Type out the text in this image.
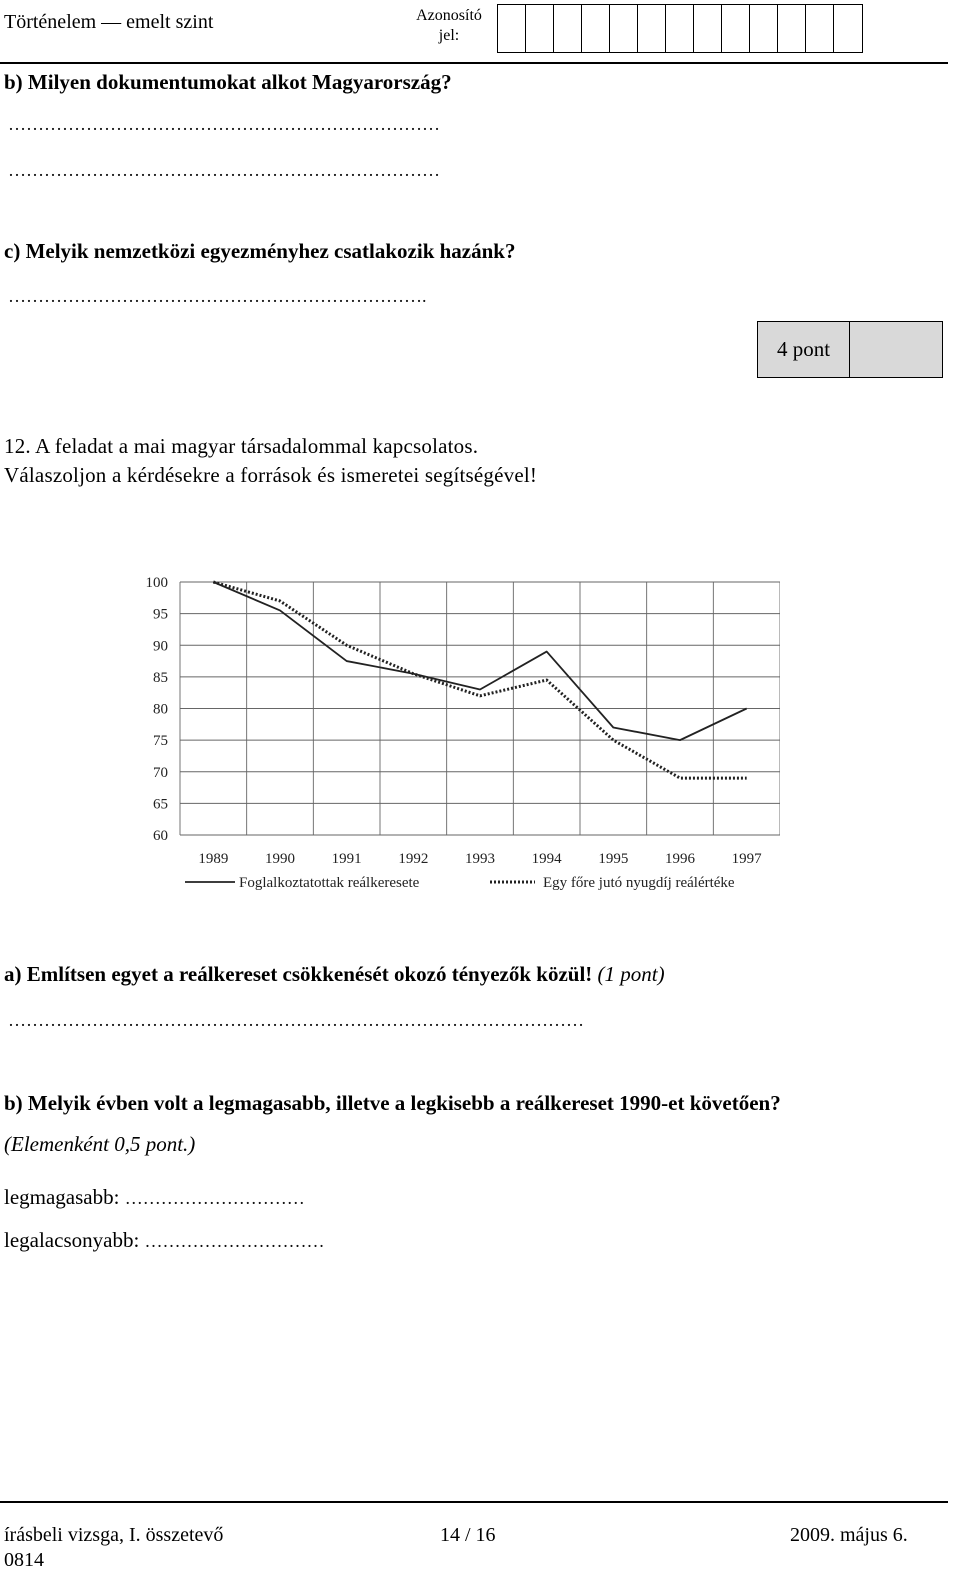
Történelem — emelt szint	Azonosító jel:
b) Milyen dokumentumokat alkot Magyarország?
………………………………………………………………
………………………………………………………………
c) Melyik nemzetközi egyezményhez csatlakozik hazánk?
…………………………………………………………….
4 pont
12. A feladat a mai magyar társadalommal kapcsolatos.
Válaszoljon a kérdésekre a források és ismeretei segítségével!
100
95
90
85
80
75
70
65
60
1989 1990 1991 1992 1993 1994 1995 1996 1997
Foglalkoztatottak reálkeresete	Egy főre jutó nyugdíj reálértéke
a) Említsen egyet a reálkereset csökkenését okozó tényezők közül! (1 pont)
……………………………………………………………………………………
b) Melyik évben volt a legmagasabb, illetve a legkisebb a reálkereset 1990-et követően?
(Elemenként 0,5 pont.)
legmagasabb: …………………………
legalacsonyabb: …………………………
írásbeli vizsga, I. összetevő
0814
14 / 16	2009. május 6.
